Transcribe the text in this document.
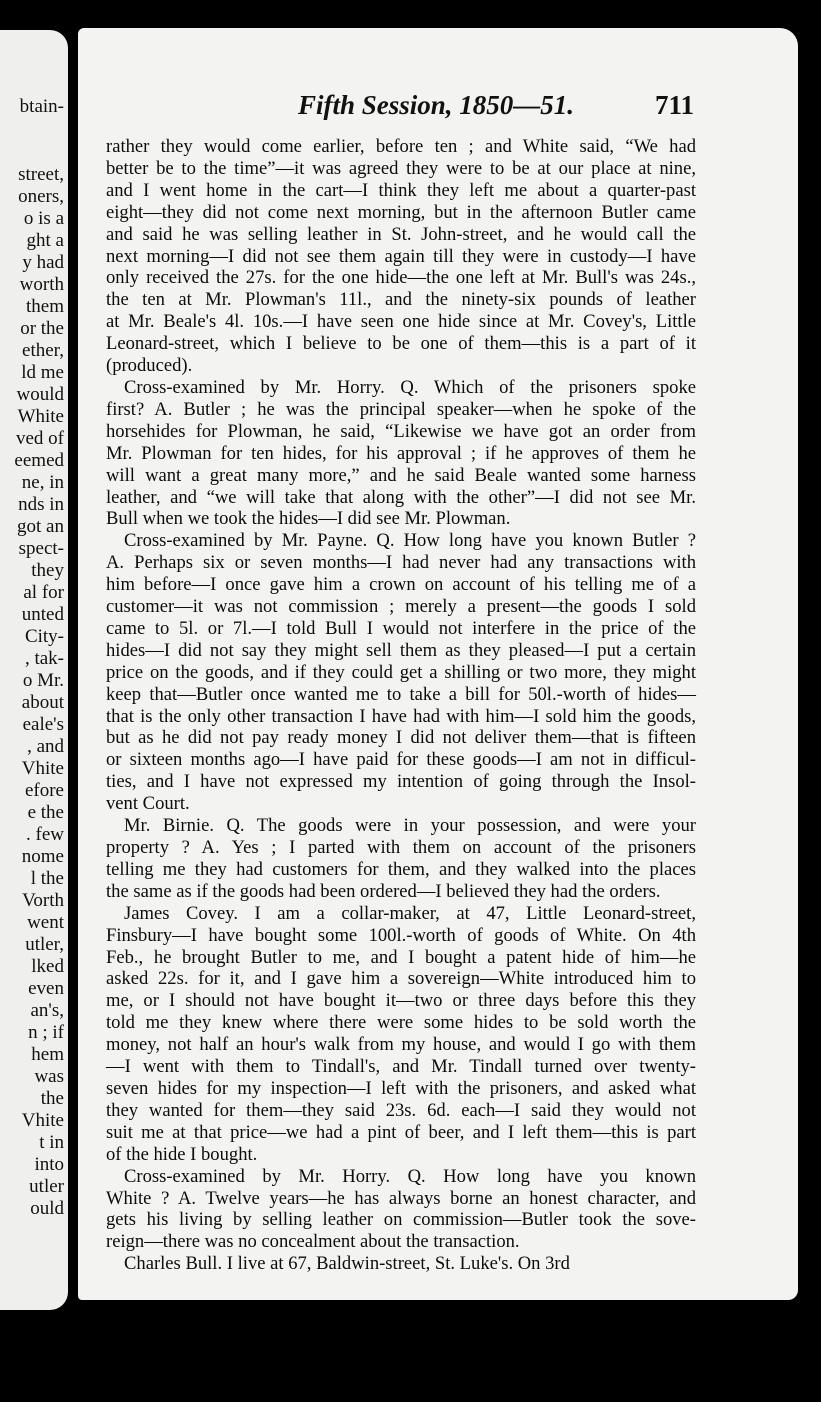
btain-
street,
oners,
o is a
ght a
y had
worth
them
or the
ether,
ld me
would
White
ved of
eemed
ne, in
nds in
got an
spect-
they
al for
unted
City-
, tak-
o Mr.
about
eale's
, and
Vhite
efore
e the
. few
nome
l the
Vorth
went
utler,
lked
even
an's,
n ; if
hem
was
the
Vhite
t in
into
utler
ould
Fifth Session, 1850—51.	711
rather they would come earlier, before ten ; and White said, “We had
better be to the time”—it was agreed they were to be at our place at nine,
and I went home in the cart—I think they left me about a quarter-past
eight—they did not come next morning, but in the afternoon Butler came
and said he was selling leather in St. John-street, and he would call the
next morning—I did not see them again till they were in custody—I have
only received the 27s. for the one hide—the one left at Mr. Bull's was 24s.,
the ten at Mr. Plowman's 11l., and the ninety-six pounds of leather
at Mr. Beale's 4l. 10s.—I have seen one hide since at Mr. Covey's, Little
Leonard-street, which I believe to be one of them—this is a part of it
(produced).
Cross-examined by Mr. Horry. Q. Which of the prisoners spoke
first? A. Butler ; he was the principal speaker—when he spoke of the
horsehides for Plowman, he said, “Likewise we have got an order from
Mr. Plowman for ten hides, for his approval ; if he approves of them he
will want a great many more,” and he said Beale wanted some harness
leather, and “we will take that along with the other”—I did not see Mr.
Bull when we took the hides—I did see Mr. Plowman.
Cross-examined by Mr. Payne. Q. How long have you known Butler ?
A. Perhaps six or seven months—I had never had any transactions with
him before—I once gave him a crown on account of his telling me of a
customer—it was not commission ; merely a present—the goods I sold
came to 5l. or 7l.—I told Bull I would not interfere in the price of the
hides—I did not say they might sell them as they pleased—I put a certain
price on the goods, and if they could get a shilling or two more, they might
keep that—Butler once wanted me to take a bill for 50l.-worth of hides—
that is the only other transaction I have had with him—I sold him the goods,
but as he did not pay ready money I did not deliver them—that is fifteen
or sixteen months ago—I have paid for these goods—I am not in difficul-
ties, and I have not expressed my intention of going through the Insol-
vent Court.
Mr. Birnie. Q. The goods were in your possession, and were your
property ? A. Yes ; I parted with them on account of the prisoners
telling me they had customers for them, and they walked into the places
the same as if the goods had been ordered—I believed they had the orders.
James Covey. I am a collar-maker, at 47, Little Leonard-street,
Finsbury—I have bought some 100l.-worth of goods of White. On 4th
Feb., he brought Butler to me, and I bought a patent hide of him—he
asked 22s. for it, and I gave him a sovereign—White introduced him to
me, or I should not have bought it—two or three days before this they
told me they knew where there were some hides to be sold worth the
money, not half an hour's walk from my house, and would I go with them
—I went with them to Tindall's, and Mr. Tindall turned over twenty-
seven hides for my inspection—I left with the prisoners, and asked what
they wanted for them—they said 23s. 6d. each—I said they would not
suit me at that price—we had a pint of beer, and I left them—this is part
of the hide I bought.
Cross-examined by Mr. Horry. Q. How long have you known
White ? A. Twelve years—he has always borne an honest character, and
gets his living by selling leather on commission—Butler took the sove-
reign—there was no concealment about the transaction.
Charles Bull. I live at 67, Baldwin-street, St. Luke's. On 3rd
